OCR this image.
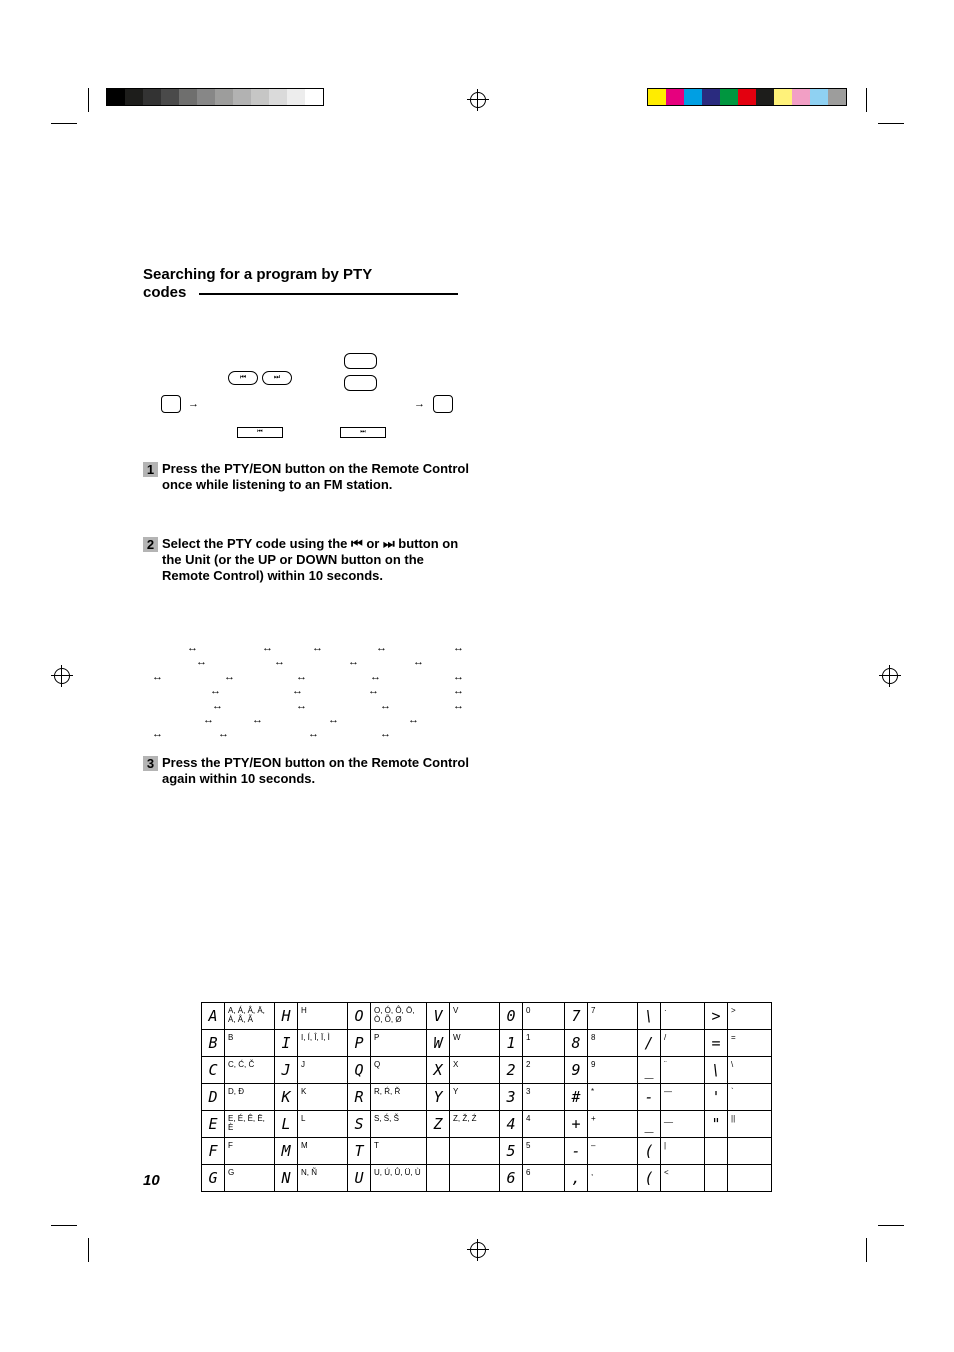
Searching for a program by PTY
codes
→
⏮	⏭
→
⏮	⏭
1 Press the PTY/EON button on the Remote Control once while listening to an FM station.
2 Select the PTY code using the ⏮ or ⏭ button on the Unit (or the UP or DOWN button on the Remote Control) within 10 seconds.
↔	↔	↔	↔	↔
↔	↔	↔	↔
↔	↔	↔	↔	↔
↔	↔	↔	↔
↔	↔	↔	↔
↔	↔	↔	↔
↔	↔	↔	↔
3 Press the PTY/EON button on the Remote Control again within 10 seconds.
A	A, Á, Â, Ä, À, Å, Ã	H	H	O	O, Ó, Ô, Ö, Ò, Õ, Ø	V	V	0	0	7	7	\	·	>	>
B	B	I	I, Í, Î, Ï, Ì	P	P	W	W	1	1	8	8	/	/	=	=
C	C, Ć, Č	J	J	Q	Q	X	X	2	2	9	9	_	¨	\	\
D	D, Đ	K	K	R	R, Ŕ, Ř	Y	Y	3	3	#	*	-	—	'	`
E	E, É, Ê, Ë, È	L	L	S	S, Ś, Š	Z	Z, Ž, Ź	4	4	+	+	_	__	"	||
F	F	M	M	T	T			5	5	-	–	(	|		
G	G	N	N, Ñ	U	U, Ú, Û, Ü, Ù			6	6	,	,	(	<		
10
